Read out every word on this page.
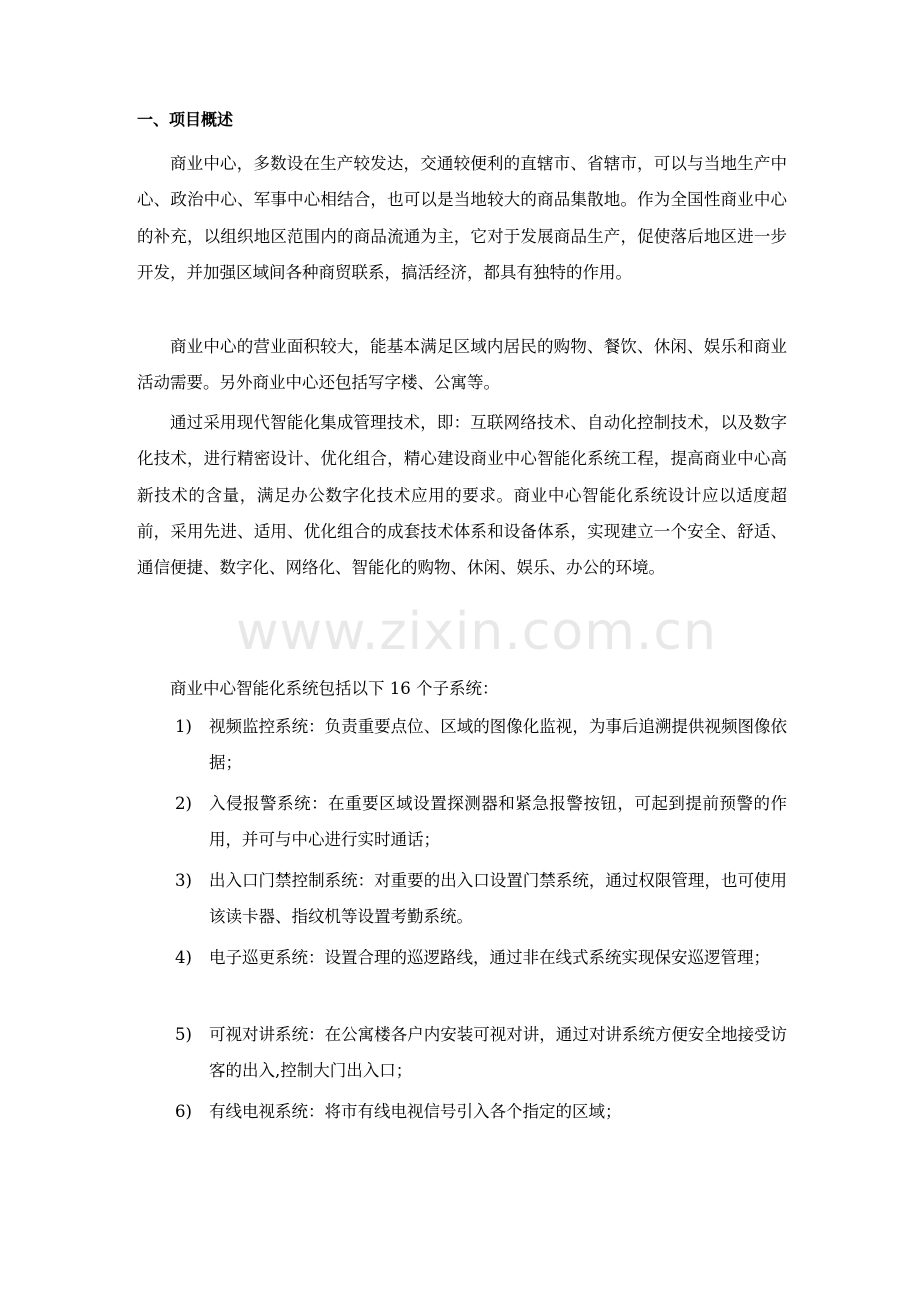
一、项目概述
商业中心，多数设在生产较发达，交通较便利的直辖市、省辖市，可以与当地生产中心、政治中心、军事中心相结合，也可以是当地较大的商品集散地。作为全国性商业中心的补充，以组织地区范围内的商品流通为主，它对于发展商品生产，促使落后地区进一步开发，并加强区域间各种商贸联系，搞活经济，都具有独特的作用。
商业中心的营业面积较大，能基本满足区域内居民的购物、餐饮、休闲、娱乐和商业活动需要。另外商业中心还包括写字楼、公寓等。
通过采用现代智能化集成管理技术，即：互联网络技术、自动化控制技术，以及数字化技术，进行精密设计、优化组合，精心建设商业中心智能化系统工程，提高商业中心高新技术的含量，满足办公数字化技术应用的要求。商业中心智能化系统设计应以适度超前，采用先进、适用、优化组合的成套技术体系和设备体系，实现建立一个安全、舒适、通信便捷、数字化、网络化、智能化的购物、休闲、娱乐、办公的环境。
商业中心智能化系统包括以下 16 个子系统：
1) 视频监控系统：负责重要点位、区域的图像化监视，为事后追溯提供视频图像依据；
2) 入侵报警系统：在重要区域设置探测器和紧急报警按钮，可起到提前预警的作用，并可与中心进行实时通话；
3) 出入口门禁控制系统：对重要的出入口设置门禁系统，通过权限管理，也可使用该读卡器、指纹机等设置考勤系统。
4) 电子巡更系统：设置合理的巡逻路线，通过非在线式系统实现保安巡逻管理；
5) 可视对讲系统：在公寓楼各户内安装可视对讲，通过对讲系统方便安全地接受访客的出入,控制大门出入口；
6) 有线电视系统：将市有线电视信号引入各个指定的区域；
www.zixin.com.cn
